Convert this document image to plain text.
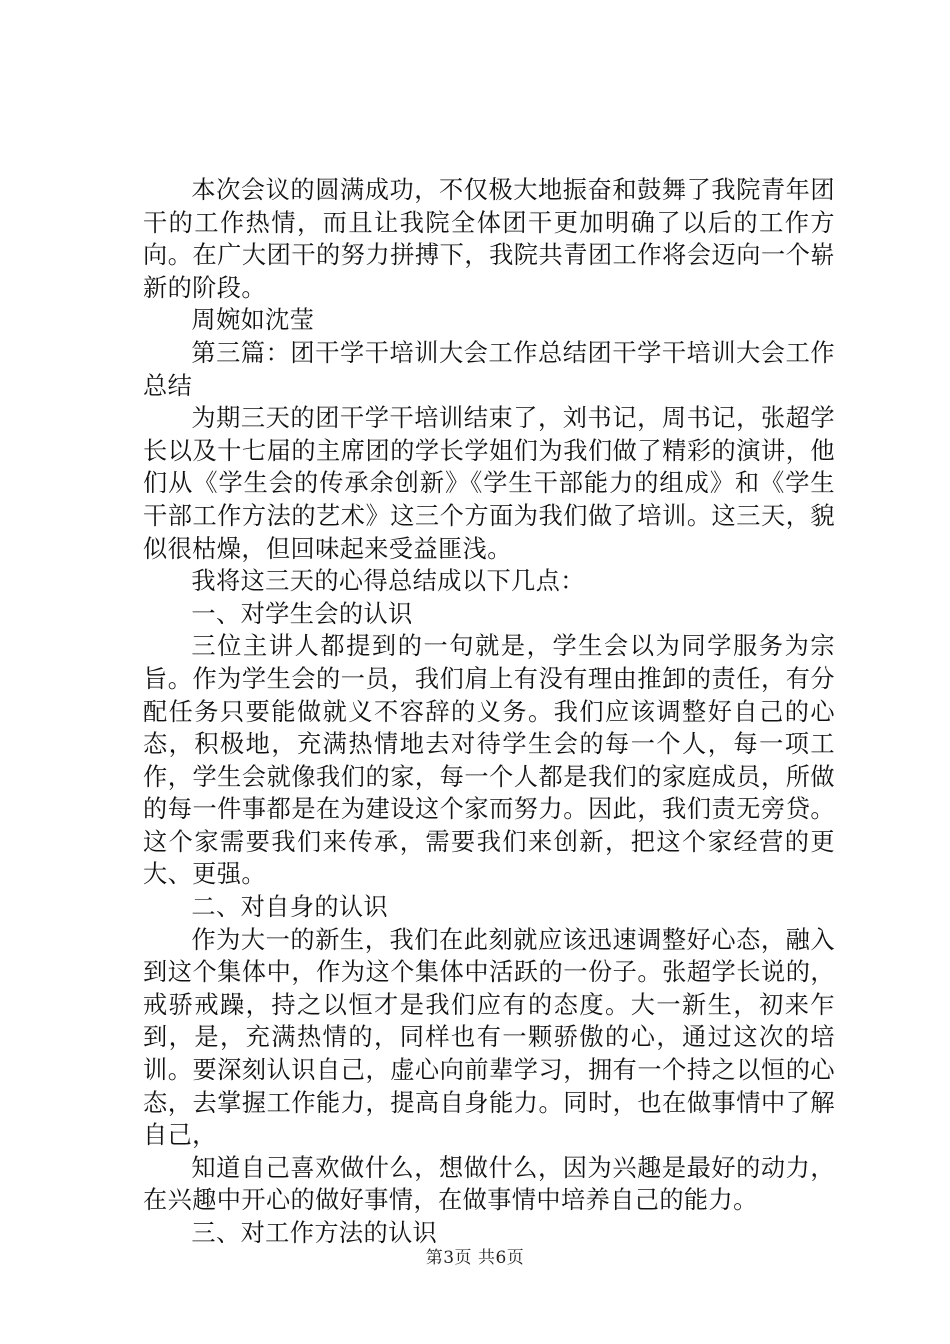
本次会议的圆满成功，不仅极大地振奋和鼓舞了我院青年团干的工作热情，而且让我院全体团干更加明确了以后的工作方向。在广大团干的努力拼搏下，我院共青团工作将会迈向一个崭新的阶段。

周婉如沈莹

第三篇：团干学干培训大会工作总结团干学干培训大会工作总结

为期三天的团干学干培训结束了，刘书记，周书记，张超学长以及十七届的主席团的学长学姐们为我们做了精彩的演讲，他们从《学生会的传承余创新》《学生干部能力的组成》和《学生干部工作方法的艺术》这三个方面为我们做了培训。这三天，貌似很枯燥，但回味起来受益匪浅。

我将这三天的心得总结成以下几点：

一、对学生会的认识

三位主讲人都提到的一句就是，学生会以为同学服务为宗旨。作为学生会的一员，我们肩上有没有理由推卸的责任，有分配任务只要能做就义不容辞的义务。我们应该调整好自己的心态，积极地，充满热情地去对待学生会的每一个人，每一项工作，学生会就像我们的家，每一个人都是我们的家庭成员，所做的每一件事都是在为建设这个家而努力。因此，我们责无旁贷。这个家需要我们来传承，需要我们来创新，把这个家经营的更大、更强。

二、对自身的认识

作为大一的新生，我们在此刻就应该迅速调整好心态，融入到这个集体中，作为这个集体中活跃的一份子。张超学长说的，戒骄戒躁，持之以恒才是我们应有的态度。大一新生，初来乍到，是，充满热情的，同样也有一颗骄傲的心，通过这次的培训。要深刻认识自己，虚心向前辈学习，拥有一个持之以恒的心态，去掌握工作能力，提高自身能力。同时，也在做事情中了解自己，

知道自己喜欢做什么，想做什么，因为兴趣是最好的动力，在兴趣中开心的做好事情，在做事情中培养自己的能力。

三、对工作方法的认识

第3页 共6页
